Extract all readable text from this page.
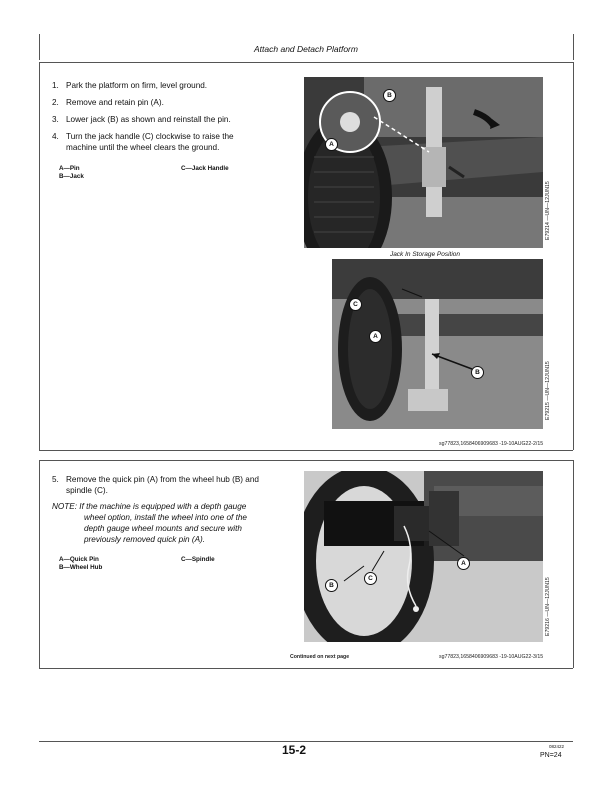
Attach and Detach Platform
1. Park the platform on firm, level ground.
2. Remove and retain pin (A).
3. Lower jack (B) as shown and reinstall the pin.
4. Turn the jack handle (C) clockwise to raise the
machine until the wheel clears the ground.
A—Pin
B—Jack
C—Jack Handle
B
A
E79214 —UN—12JUN15
Jack In Storage Position
C
A
B	E79215 —UN—12JUN15
sg77823,1658406909683 -19-10AUG22-2/15
5. Remove the quick pin (A) from the wheel hub (B) and
spindle (C).
NOTE: If the machine is equipped with a depth gauge
wheel option, install the wheel into one of the
depth gauge wheel mounts and secure with
previously removed quick pin (A).
A—Quick Pin
B—Wheel Hub
C—Spindle
A
B
C	E79216 —UN—12JUN15
Continued on next page	sg77823,1658406909683 -19-10AUG22-3/15
15-2	082422
PN=24
